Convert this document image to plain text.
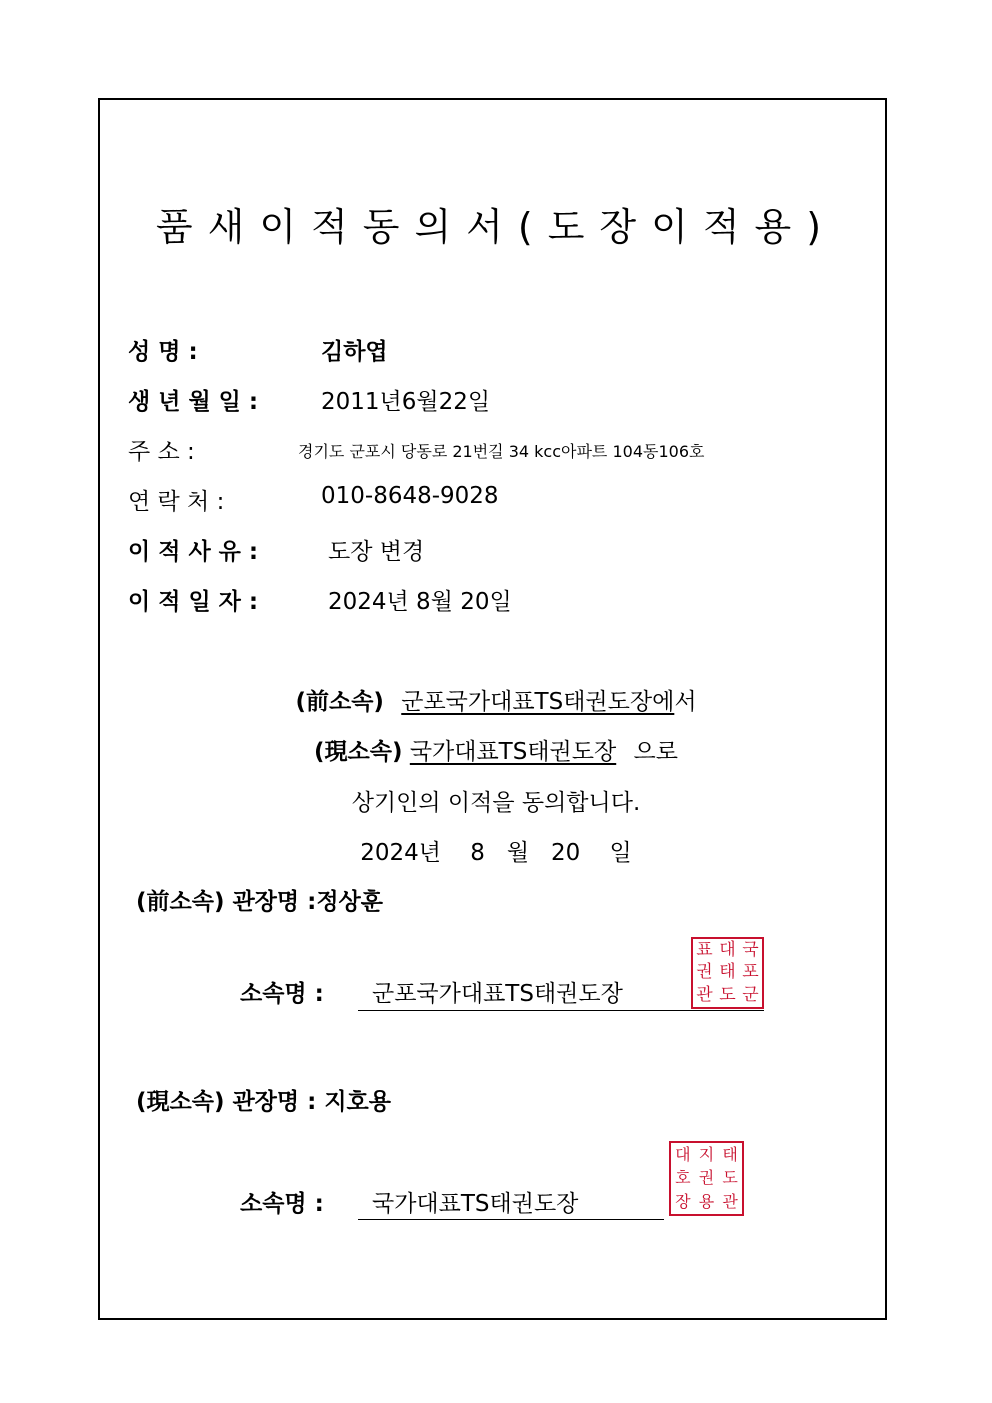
품새이적동의서(도장이적용)
성 명 :	김하엽
생 년 월 일 :	2011년6월22일
주 소 :	경기도 군포시 당동로 21번길 34 kcc아파트 104동106호
연 락 처 :	010-8648-9028
이 적 사 유 :	도장 변경
이 적 일 자 :	2024년 8월 20일
(前소속) 군포국가대표TS태권도장에서
(現소속) 국가대표TS태권도장 으로
상기인의 이적을 동의합니다.
2024년    8   월   20    일
(前소속) 관장명 :정상훈
소속명 : 군포국가대표TS태권도장
표 대 국
권 태 포
관 도 군
(現소속) 관장명 : 지호용
소속명 : 국가대표TS태권도장
대 지 태
호 권 도
장 용 관
